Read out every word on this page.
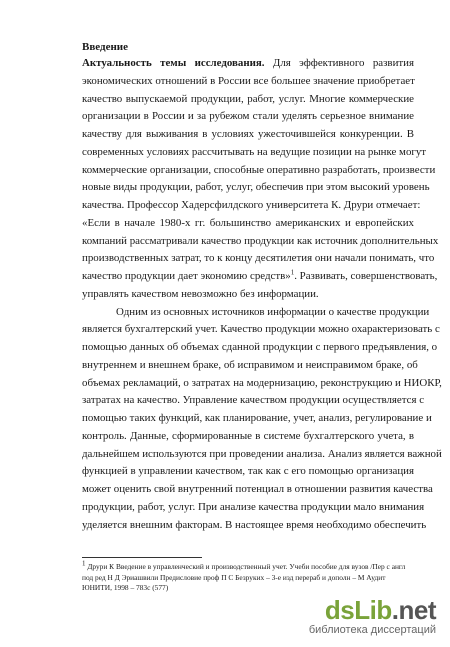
Введение
Актуальность темы исследования. Для эффективного развития
экономических отношений в России все большее значение приобретает
качество выпускаемой продукции, работ, услуг. Многие коммерческие
организации в России и за рубежом стали уделять серьезное внимание
качеству для выживания в условиях ужесточившейся конкуренции. В
современных условиях рассчитывать на ведущие позиции на рынке могут
коммерческие организации, способные оперативно разработать, произвести
новые виды продукции, работ, услуг, обеспечив при этом высокий уровень
качества. Профессор Хадерсфилдского университета К. Друри отмечает:
«Если в начале 1980-х гг. большинство американских и европейских
компаний рассматривали качество продукции как источник дополнительных
производственных затрат, то к концу десятилетия они начали понимать, что
качество продукции дает экономию средств»$^1$. Развивать, совершенствовать,
управлять качеством невозможно без информации.
Одним из основных источников информации о качестве продукции
является бухгалтерский учет. Качество продукции можно охарактеризовать с
помощью данных об объемах сданной продукции с первого предъявления, о
внутреннем и внешнем браке, об исправимом и неисправимом браке, об
объемах рекламаций, о затратах на модернизацию, реконструкцию и НИОКР,
затратах на качество. Управление качеством продукции осуществляется с
помощью таких функций, как планирование, учет, анализ, регулирование и
контроль. Данные, сформированные в системе бухгалтерского учета, в
дальнейшем используются при проведении анализа. Анализ является важной
функцией в управлении качеством, так как с его помощью организация
может оценить свой внутренний потенциал в отношении развития качества
продукции, работ, услуг. При анализе качества продукции мало внимания
уделяется внешним факторам. В настоящее время необходимо обеспечить
$^1$ Друри К Введение в управленческий и производственный учет. Учеби пособие для вузов /Пер с англ
под ред Н Д Эриашвили Предисловие проф П С Безруких – 3-е изд перераб и дополн – М Аудит
ЮНИТИ, 1998 – 783с (577)
dsLib.net
библиотека диссертаций
